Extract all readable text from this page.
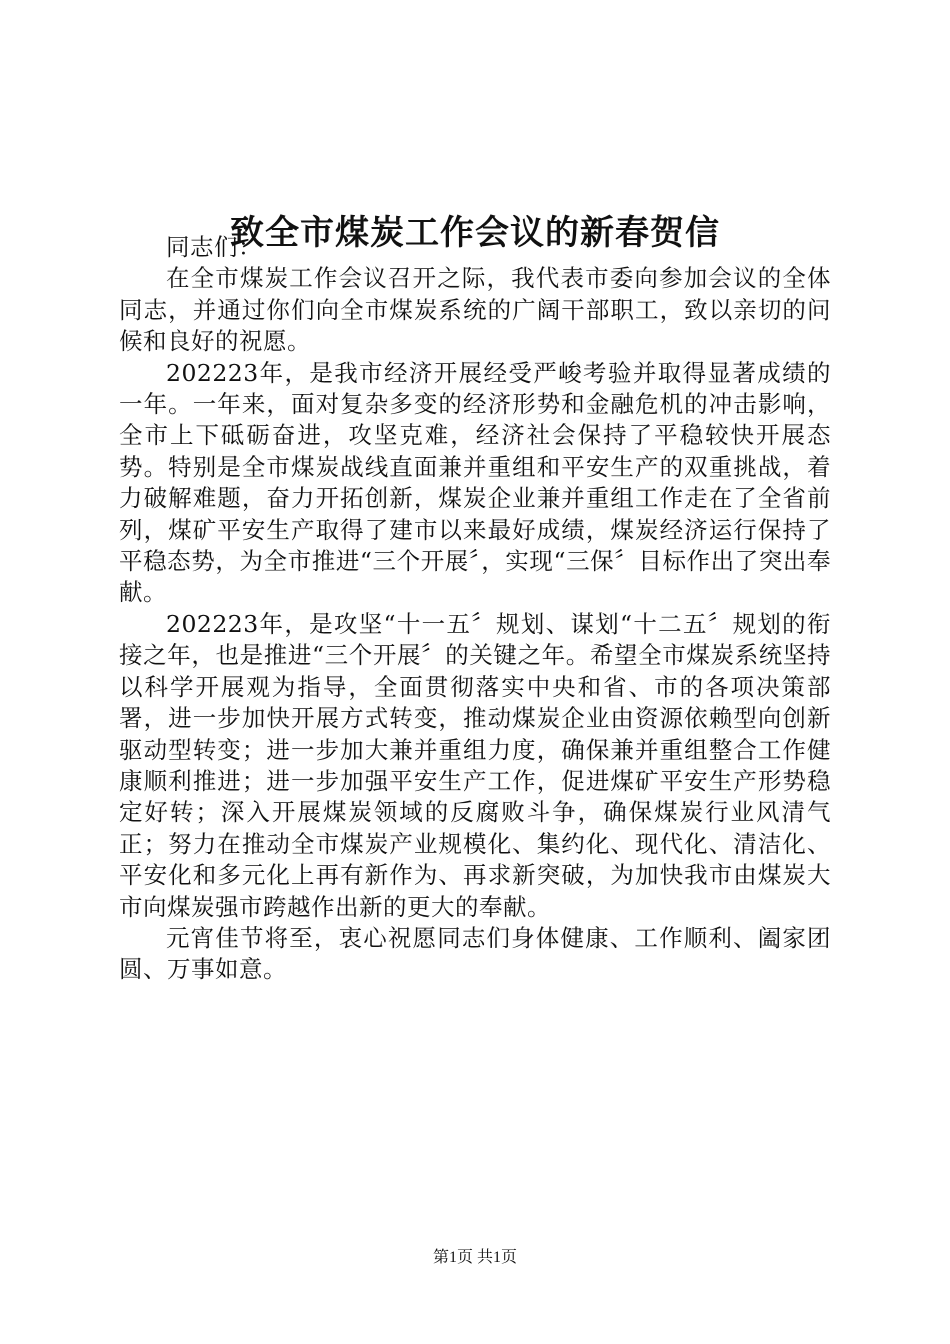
致全市煤炭工作会议的新春贺信

同志们：

在全市煤炭工作会议召开之际，我代表市委向参加会议的全体同志，并通过你们向全市煤炭系统的广阔干部职工，致以亲切的问候和良好的祝愿。

202223年，是我市经济开展经受严峻考验并取得显著成绩的一年。一年来，面对复杂多变的经济形势和金融危机的冲击影响，全市上下砥砺奋进，攻坚克难，经济社会保持了平稳较快开展态势。特别是全市煤炭战线直面兼并重组和平安生产的双重挑战，着力破解难题，奋力开拓创新，煤炭企业兼并重组工作走在了全省前列，煤矿平安生产取得了建市以来最好成绩，煤炭经济运行保持了平稳态势，为全市推进“三个开展〞，实现“三保〞目标作出了突出奉献。

202223年，是攻坚“十一五〞规划、谋划“十二五〞规划的衔接之年，也是推进“三个开展〞的关键之年。希望全市煤炭系统坚持以科学开展观为指导，全面贯彻落实中央和省、市的各项决策部署，进一步加快开展方式转变，推动煤炭企业由资源依赖型向创新驱动型转变；进一步加大兼并重组力度，确保兼并重组整合工作健康顺利推进；进一步加强平安生产工作，促进煤矿平安生产形势稳定好转；深入开展煤炭领域的反腐败斗争，确保煤炭行业风清气正；努力在推动全市煤炭产业规模化、集约化、现代化、清洁化、平安化和多元化上再有新作为、再求新突破，为加快我市由煤炭大市向煤炭强市跨越作出新的更大的奉献。

元宵佳节将至，衷心祝愿同志们身体健康、工作顺利、阖家团圆、万事如意。

第1页 共1页
